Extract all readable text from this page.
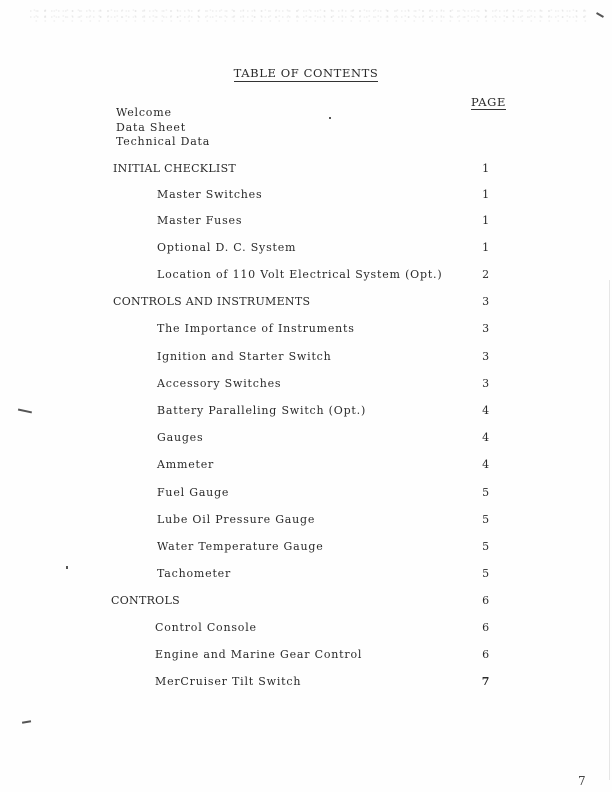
TABLE OF CONTENTS
PAGE
Welcome
Data Sheet
Technical Data
INITIAL CHECKLIST	1
Master Switches	1
Master Fuses	1
Optional D. C. System	1
Location of 110 Volt Electrical System (Opt.)	2
CONTROLS AND INSTRUMENTS	3
The Importance of Instruments	3
Ignition and Starter Switch	3
Accessory Switches	3
Battery Paralleling Switch (Opt.)	4
Gauges	4
Ammeter	4
Fuel Gauge	5
Lube Oil Pressure Gauge	5
Water Temperature Gauge	5
Tachometer	5
CONTROLS	6
Control Console	6
Engine and Marine Gear Control	6
MerCruiser Tilt Switch	7
7
